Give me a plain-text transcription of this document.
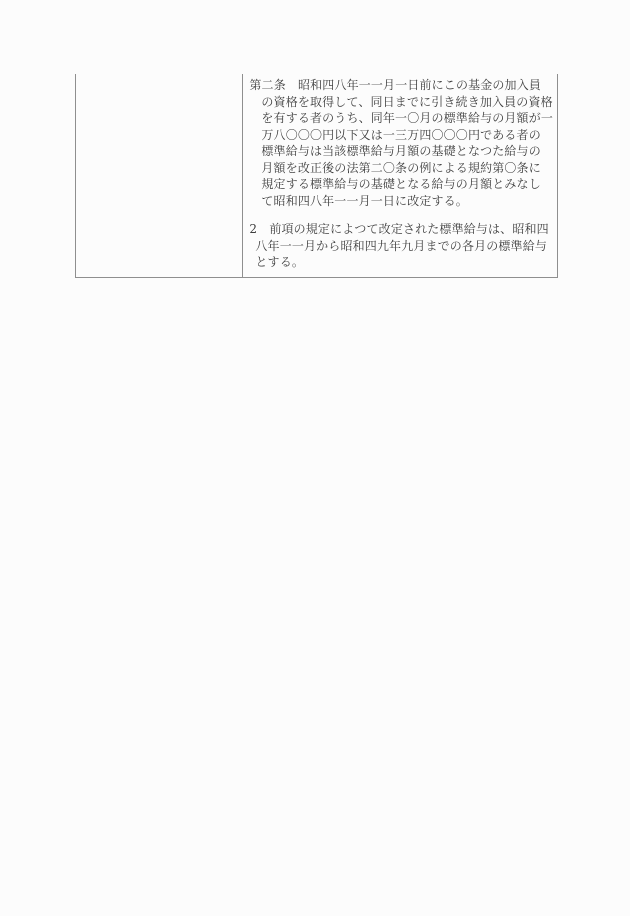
第二条　昭和四八年一一月一日前にこの基金の加入員
の資格を取得して、同日までに引き続き加入員の資格
を有する者のうち、同年一〇月の標準給与の月額が一
万八〇〇〇円以下又は一三万四〇〇〇円である者の
標準給与は当該標準給与月額の基礎となつた給与の
月額を改正後の法第二〇条の例による規約第〇条に
規定する標準給与の基礎となる給与の月額とみなし
て昭和四八年一一月一日に改定する。
2　前項の規定によつて改定された標準給与は、昭和四
八年一一月から昭和四九年九月までの各月の標準給与
とする。
